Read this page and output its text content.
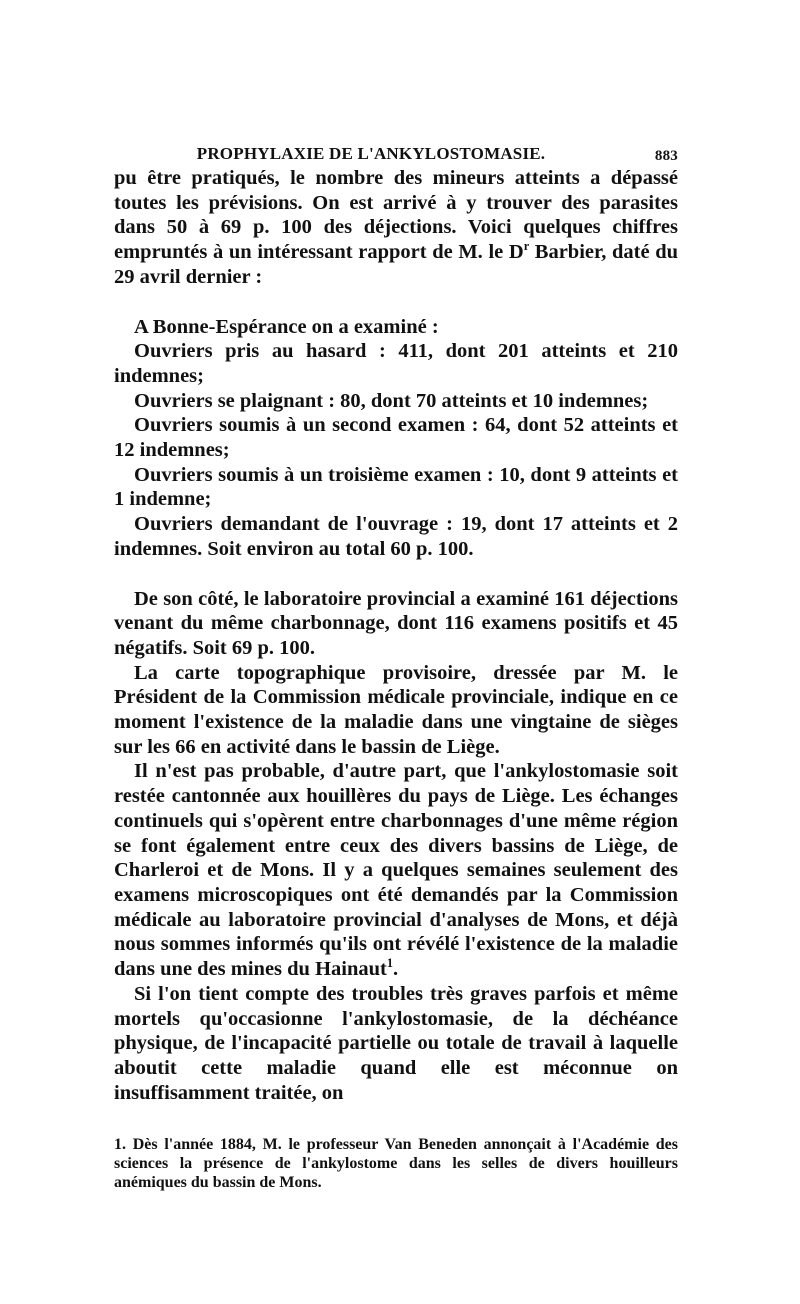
PROPHYLAXIE DE L'ANKYLOSTOMASIE.	883

pu être pratiqués, le nombre des mineurs atteints a dépassé toutes les prévisions. On est arrivé à y trouver des parasites dans 50 à 69 p. 100 des déjections. Voici quelques chiffres empruntés à un intéressant rapport de M. le $D^r$ Barbier, daté du 29 avril dernier :

A Bonne-Espérance on a examiné :

Ouvriers pris au hasard : 411, dont 201 atteints et 210 indemnes;

Ouvriers se plaignant : 80, dont 70 atteints et 10 indemnes;

Ouvriers soumis à un second examen : 64, dont 52 atteints et 12 indemnes;

Ouvriers soumis à un troisième examen : 10, dont 9 atteints et 1 indemne;

Ouvriers demandant de l'ouvrage : 19, dont 17 atteints et 2 indemnes. Soit environ au total 60 p. 100.

De son côté, le laboratoire provincial a examiné 161 déjections venant du même charbonnage, dont 116 examens positifs et 45 négatifs. Soit 69 p. 100.

La carte topographique provisoire, dressée par M. le Président de la Commission médicale provinciale, indique en ce moment l'existence de la maladie dans une vingtaine de sièges sur les 66 en activité dans le bassin de Liège.

Il n'est pas probable, d'autre part, que l'ankylostomasie soit restée cantonnée aux houillères du pays de Liège. Les échanges continuels qui s'opèrent entre charbonnages d'une même région se font également entre ceux des divers bassins de Liège, de Charleroi et de Mons. Il y a quelques semaines seulement des examens microscopiques ont été demandés par la Commission médicale au laboratoire provincial d'analyses de Mons, et déjà nous sommes informés qu'ils ont révélé l'existence de la maladie dans une des mines du Hainaut$^1$.

Si l'on tient compte des troubles très graves parfois et même mortels qu'occasionne l'ankylostomasie, de la déchéance physique, de l'incapacité partielle ou totale de travail à laquelle aboutit cette maladie quand elle est méconnue on insuffisamment traitée, on

1. Dès l'année 1884, M. le professeur Van Beneden annonçait à l'Académie des sciences la présence de l'ankylostome dans les selles de divers houilleurs anémiques du bassin de Mons.
